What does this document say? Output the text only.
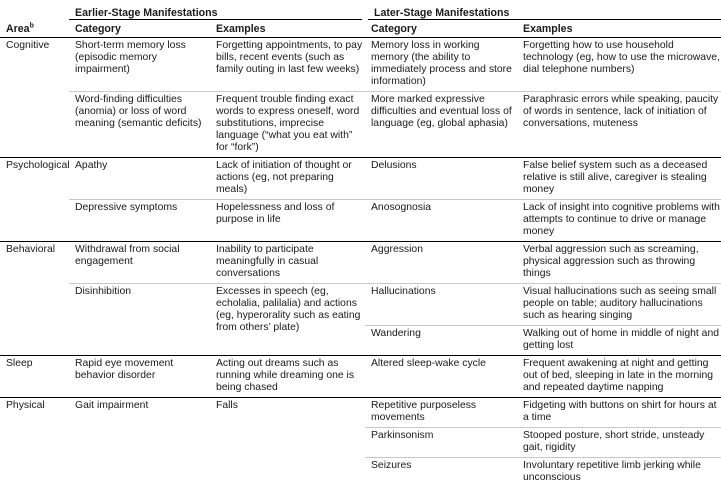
	Earlier-Stage Manifestations		Later-Stage Manifestations	
Area$^b$	Category	Examples	Category	Examples
Cognitive	Short-term memory loss (episodic memory impairment)	Forgetting appointments, to pay bills, recent events (such as family outing in last few weeks)	Memory loss in working memory (the ability to immediately process and store information)	Forgetting how to use household technology (eg, how to use the microwave, dial telephone numbers)
	Word-finding difficulties (anomia) or loss of word meaning (semantic deficits)	Frequent trouble finding exact words to express oneself, word substitutions, imprecise language (“what you eat with” for “fork”)	More marked expressive difficulties and eventual loss of language (eg, global aphasia)	Paraphrasic errors while speaking, paucity of words in sentence, lack of initiation of conversations, muteness
Psychological	Apathy	Lack of initiation of thought or actions (eg, not preparing meals)	Delusions	False belief system such as a deceased relative is still alive, caregiver is stealing money
	Depressive symptoms	Hopelessness and loss of purpose in life	Anosognosia	Lack of insight into cognitive problems with attempts to continue to drive or manage money
Behavioral	Withdrawal from social engagement	Inability to participate meaningfully in casual conversations	Aggression	Verbal aggression such as screaming, physical aggression such as throwing things
	Disinhibition	Excesses in speech (eg, echolalia, palilalia) and actions (eg, hyperorality such as eating from others’ plate)	Hallucinations	Visual hallucinations such as seeing small people on table; auditory hallucinations such as hearing singing
			Wandering	Walking out of home in middle of night and getting lost
Sleep	Rapid eye movement behavior disorder	Acting out dreams such as running while dreaming one is being chased	Altered sleep-wake cycle	Frequent awakening at night and getting out of bed, sleeping in late in the morning and repeated daytime napping
Physical	Gait impairment	Falls	Repetitive purposeless movements	Fidgeting with buttons on shirt for hours at a time
			Parkinsonism	Stooped posture, short stride, unsteady gait, rigidity
			Seizures	Involuntary repetitive limb jerking while unconscious
